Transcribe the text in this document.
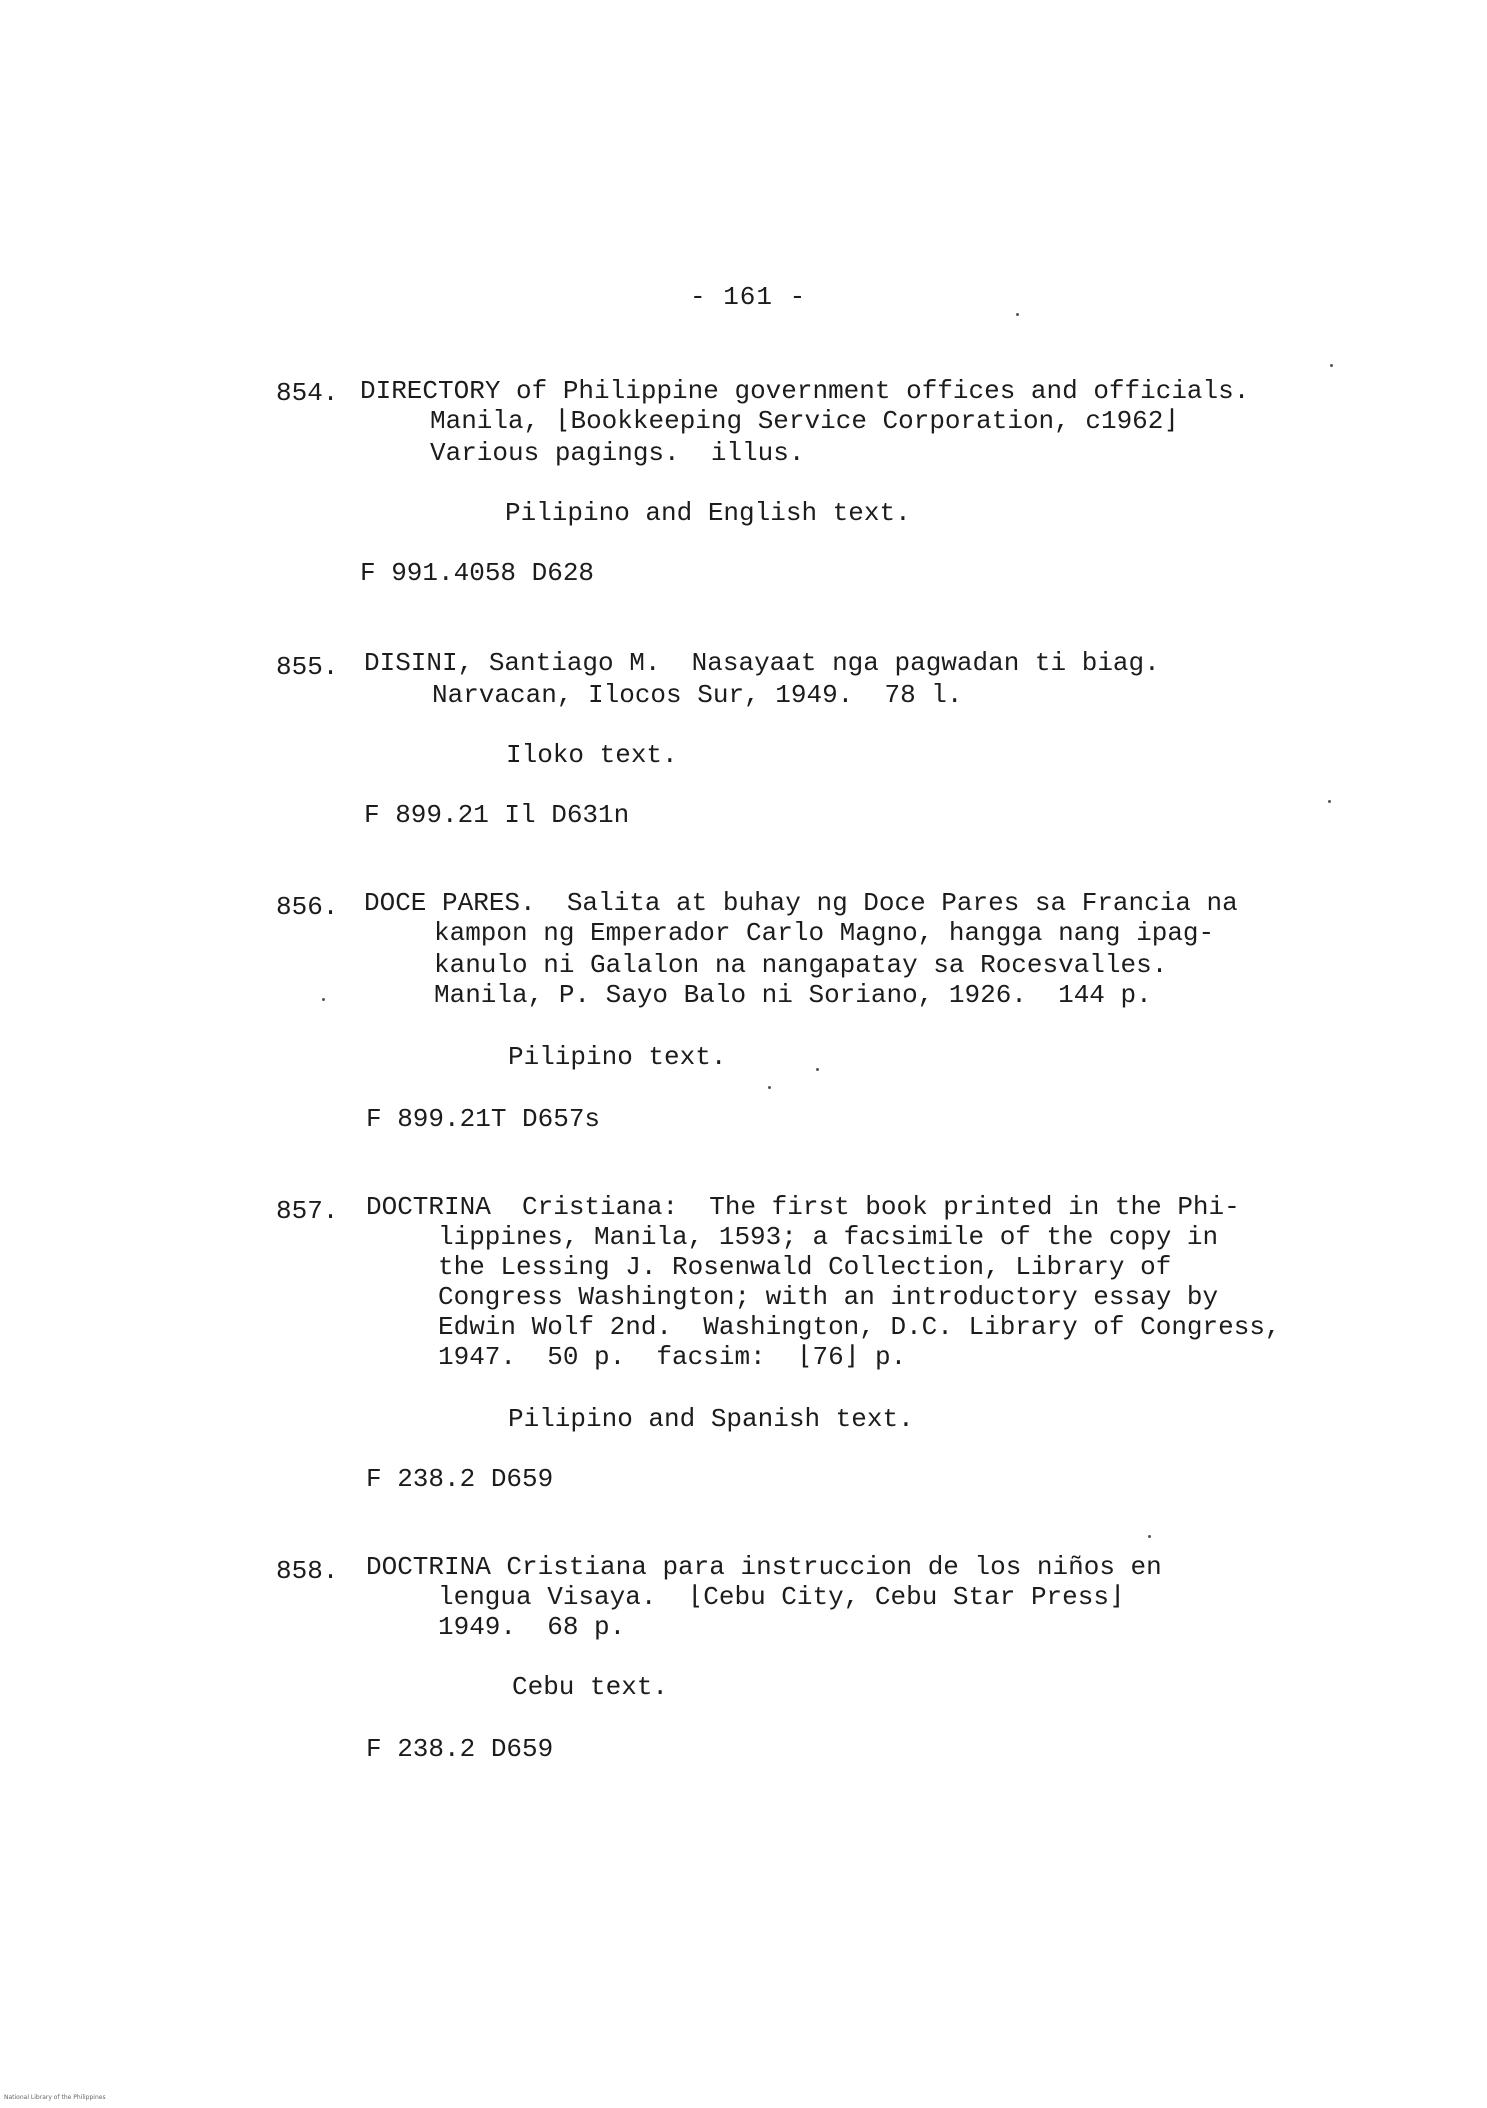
- 161 -
854. DIRECTORY of Philippine government offices and officials.
Manila, ⌊Bookkeeping Service Corporation, c1962⌋
Various pagings.  illus.
Pilipino and English text.
F 991.4058 D628
855. DISINI, Santiago M.  Nasayaat nga pagwadan ti biag.
Narvacan, Ilocos Sur, 1949.  78 l.
Iloko text.
F 899.21 Il D631n
856. DOCE PARES.  Salita at buhay ng Doce Pares sa Francia na
kampon ng Emperador Carlo Magno, hangga nang ipag-
kanulo ni Galalon na nangapatay sa Rocesvalles.
Manila, P. Sayo Balo ni Soriano, 1926.  144 p.
Pilipino text.
F 899.21T D657s
857. DOCTRINA  Cristiana:  The first book printed in the Phi-
lippines, Manila, 1593; a facsimile of the copy in
the Lessing J. Rosenwald Collection, Library of
Congress Washington; with an introductory essay by
Edwin Wolf 2nd.  Washington, D.C. Library of Congress,
1947.  50 p.  facsim:  ⌊76⌋ p.
Pilipino and Spanish text.
F 238.2 D659
858. DOCTRINA Cristiana para instruccion de los niños en
lengua Visaya.  ⌊Cebu City, Cebu Star Press⌋
1949.  68 p.
Cebu text.
F 238.2 D659
National Library of the Philippines
